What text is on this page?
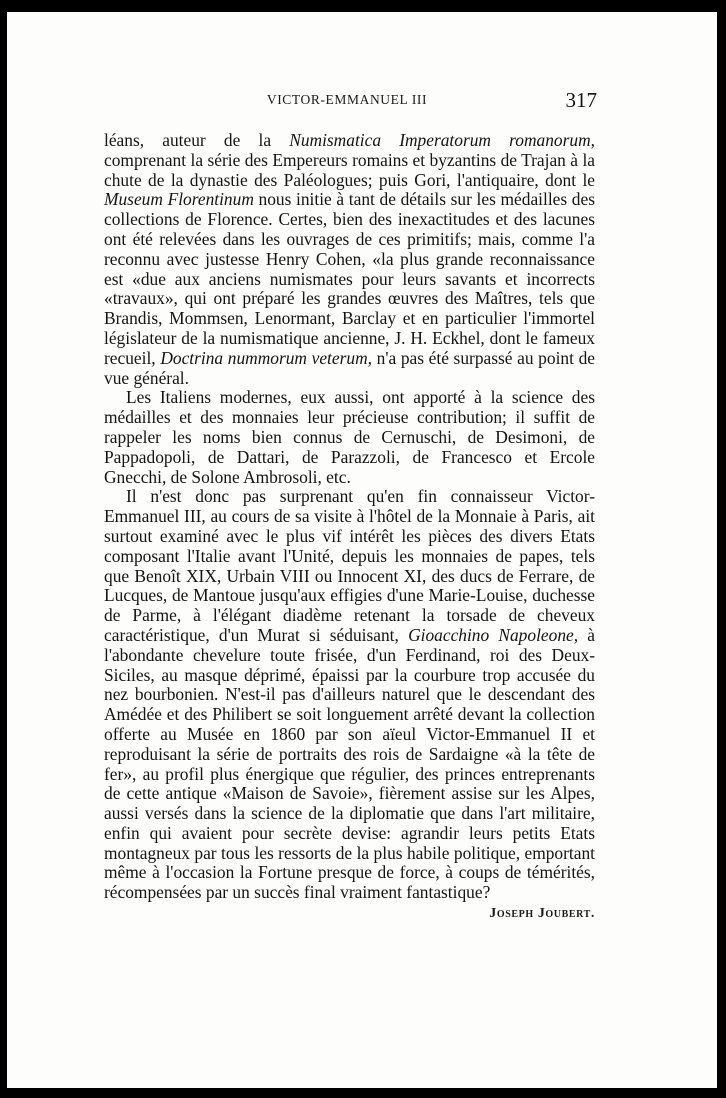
VICTOR-EMMANUEL III	317

léans, auteur de la Numismatica Imperatorum romanorum, comprenant la série des Empereurs romains et byzantins de Trajan à la chute de la dynastie des Paléologues; puis Gori, l'antiquaire, dont le Museum Florentinum nous initie à tant de détails sur les médailles des collections de Florence. Certes, bien des inexactitudes et des lacunes ont été relevées dans les ouvrages de ces primitifs; mais, comme l'a reconnu avec justesse Henry Cohen, «la plus grande reconnaissance est «due aux anciens numismates pour leurs savants et incorrects «travaux», qui ont préparé les grandes œuvres des Maîtres, tels que Brandis, Mommsen, Lenormant, Barclay et en particulier l'immortel législateur de la numismatique ancienne, J. H. Eckhel, dont le fameux recueil, Doctrina nummorum veterum, n'a pas été surpassé au point de vue général.

Les Italiens modernes, eux aussi, ont apporté à la science des médailles et des monnaies leur précieuse contribution; il suffit de rappeler les noms bien connus de Cernuschi, de Desimoni, de Pappadopoli, de Dattari, de Parazzoli, de Francesco et Ercole Gnecchi, de Solone Ambrosoli, etc.

Il n'est donc pas surprenant qu'en fin connaisseur Victor-Emmanuel III, au cours de sa visite à l'hôtel de la Monnaie à Paris, ait surtout examiné avec le plus vif intérêt les pièces des divers Etats composant l'Italie avant l'Unité, depuis les monnaies de papes, tels que Benoît XIX, Urbain VIII ou Innocent XI, des ducs de Ferrare, de Lucques, de Mantoue jusqu'aux effigies d'une Marie-Louise, duchesse de Parme, à l'élégant diadème retenant la torsade de cheveux caractéristique, d'un Murat si séduisant, Gioacchino Napoleone, à l'abondante chevelure toute frisée, d'un Ferdinand, roi des Deux-Siciles, au masque déprimé, épaissi par la courbure trop accusée du nez bourbonien. N'est-il pas d'ailleurs naturel que le descendant des Amédée et des Philibert se soit longuement arrêté devant la collection offerte au Musée en 1860 par son aïeul Victor-Emmanuel II et reproduisant la série de portraits des rois de Sardaigne «à la tête de fer», au profil plus énergique que régulier, des princes entreprenants de cette antique «Maison de Savoie», fièrement assise sur les Alpes, aussi versés dans la science de la diplomatie que dans l'art militaire, enfin qui avaient pour secrète devise: agrandir leurs petits Etats montagneux par tous les ressorts de la plus habile politique, emportant même à l'occasion la Fortune presque de force, à coups de témérités, récompensées par un succès final vraiment fantastique?

Joseph Joubert.
